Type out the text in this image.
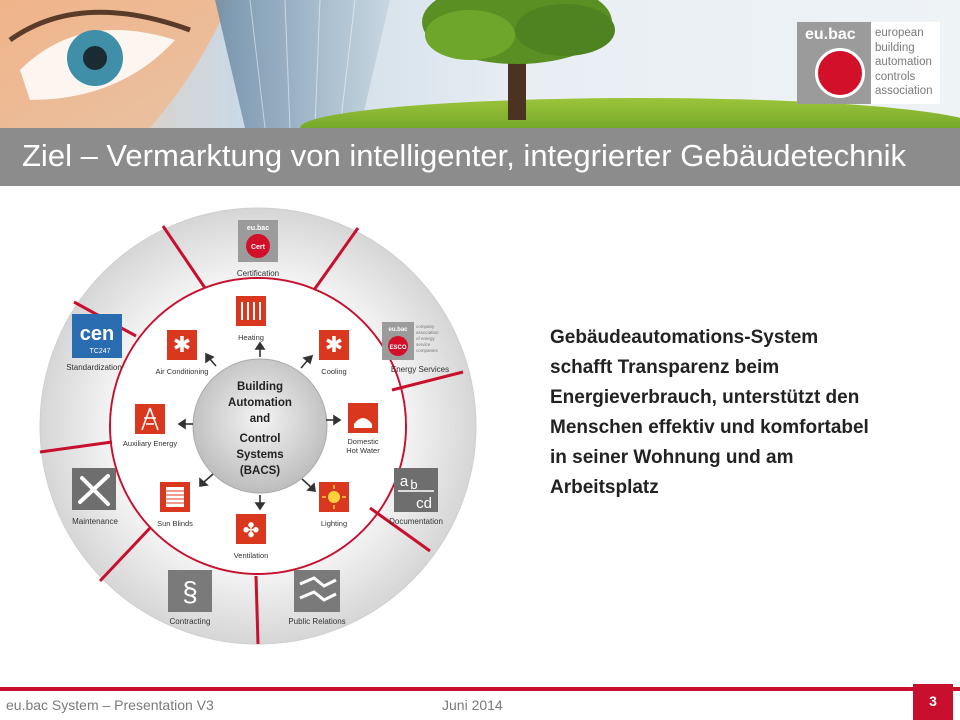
eu.bac european
building
automation
controls
association
Ziel – Vermarktung von intelligenter, integrierter Gebäudetechnik
Building
Automation
and
Control
Systems
(BACS)
Heating	✱
Cooling
Domestic
Hot Water
Lighting
✤
Ventilation
Sun Blinds
Auxiliary Energy
✱
Air Conditioning
eu.bac
Cert
Certification
eu.bac
ESCO
company
association
of energy
service
companies
Energy Services
a b
cd
Documentation
Public Relations
§
Contracting
Maintenance
cen
TC247
Standardization
Gebäudeautomations-System schafft Transparenz beim Energieverbrauch, unterstützt den Menschen effektiv und komfortabel in seiner Wohnung und am Arbeitsplatz
eu.bac System – Presentation V3	Juni 2014	3
